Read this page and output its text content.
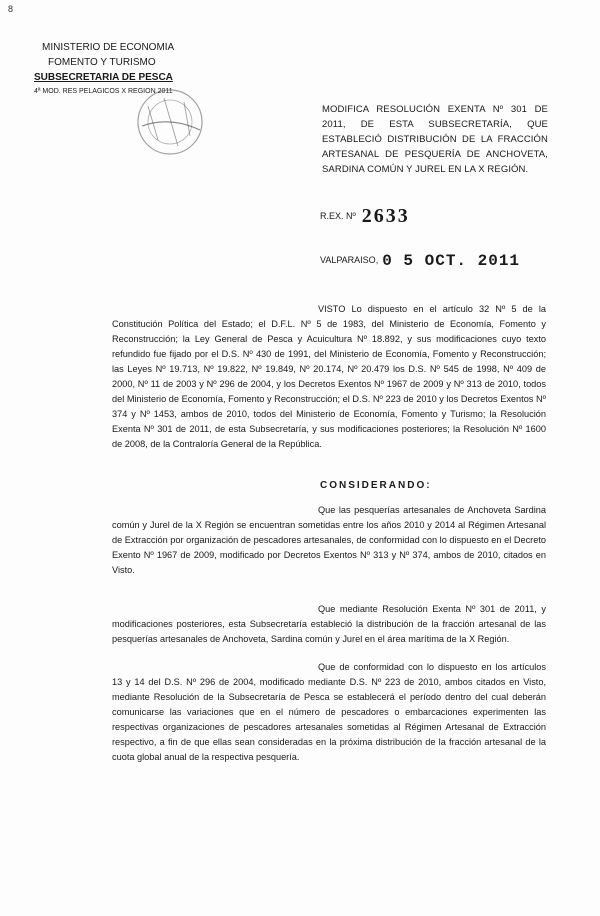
8
MINISTERIO DE ECONOMIA
FOMENTO Y TURISMO
SUBSECRETARIA DE PESCA
4ª MOD. RES PELAGICOS X REGION 2011
MODIFICA RESOLUCIÓN EXENTA Nº 301 DE 2011, DE ESTA SUBSECRETARÍA, QUE ESTABLECIÓ DISTRIBUCIÓN DE LA FRACCIÓN ARTESANAL DE PESQUERÍA DE ANCHOVETA, SARDINA COMÚN Y JUREL EN LA X REGIÓN.
R.EX. Nº 2633
VALPARAISO, 0 5 OCT. 2011
VISTO Lo dispuesto en el artículo 32 Nº 5 de la Constitución Política del Estado; el D.F.L. Nº 5 de 1983, del Ministerio de Economía, Fomento y Reconstrucción; la Ley General de Pesca y Acuicultura Nº 18.892, y sus modificaciones cuyo texto refundido fue fijado por el D.S. Nº 430 de 1991, del Ministerio de Economía, Fomento y Reconstrucción; las Leyes Nº 19.713, Nº 19.822, Nº 19.849, Nº 20.174, Nº 20.479 los D.S. Nº 545 de 1998, Nº 409 de 2000, Nº 11 de 2003 y Nº 296 de 2004, y los Decretos Exentos Nº 1967 de 2009 y Nº 313 de 2010, todos del Ministerio de Economía, Fomento y Reconstrucción; el D.S. Nº 223 de 2010 y los Decretos Exentos Nº 374 y Nº 1453, ambos de 2010, todos del Ministerio de Economía, Fomento y Turismo; la Resolución Exenta Nº 301 de 2011, de esta Subsecretaría, y sus modificaciones posteriores; la Resolución Nº 1600 de 2008, de la Contraloría General de la República.
CONSIDERANDO:
Que las pesquerías artesanales de Anchoveta Sardina común y Jurel de la X Región se encuentran sometidas entre los años 2010 y 2014 al Régimen Artesanal de Extracción por organización de pescadores artesanales, de conformidad con lo dispuesto en el Decreto Exento Nº 1967 de 2009, modificado por Decretos Exentos Nº 313 y Nº 374, ambos de 2010, citados en Visto.
Que mediante Resolución Exenta Nº 301 de 2011, y modificaciones posteriores, esta Subsecretaría estableció la distribución de la fracción artesanal de las pesquerías artesanales de Anchoveta, Sardina común y Jurel en el área marítima de la X Región.
Que de conformidad con lo dispuesto en los artículos 13 y 14 del D.S. Nº 296 de 2004, modificado mediante D.S. Nº 223 de 2010, ambos citados en Visto, mediante Resolución de la Subsecretaría de Pesca se establecerá el período dentro del cual deberán comunicarse las variaciones que en el número de pescadores o embarcaciones experimenten las respectivas organizaciones de pescadores artesanales sometidas al Régimen Artesanal de Extracción respectivo, a fin de que ellas sean consideradas en la próxima distribución de la fracción artesanal de la cuota global anual de la respectiva pesquería.
